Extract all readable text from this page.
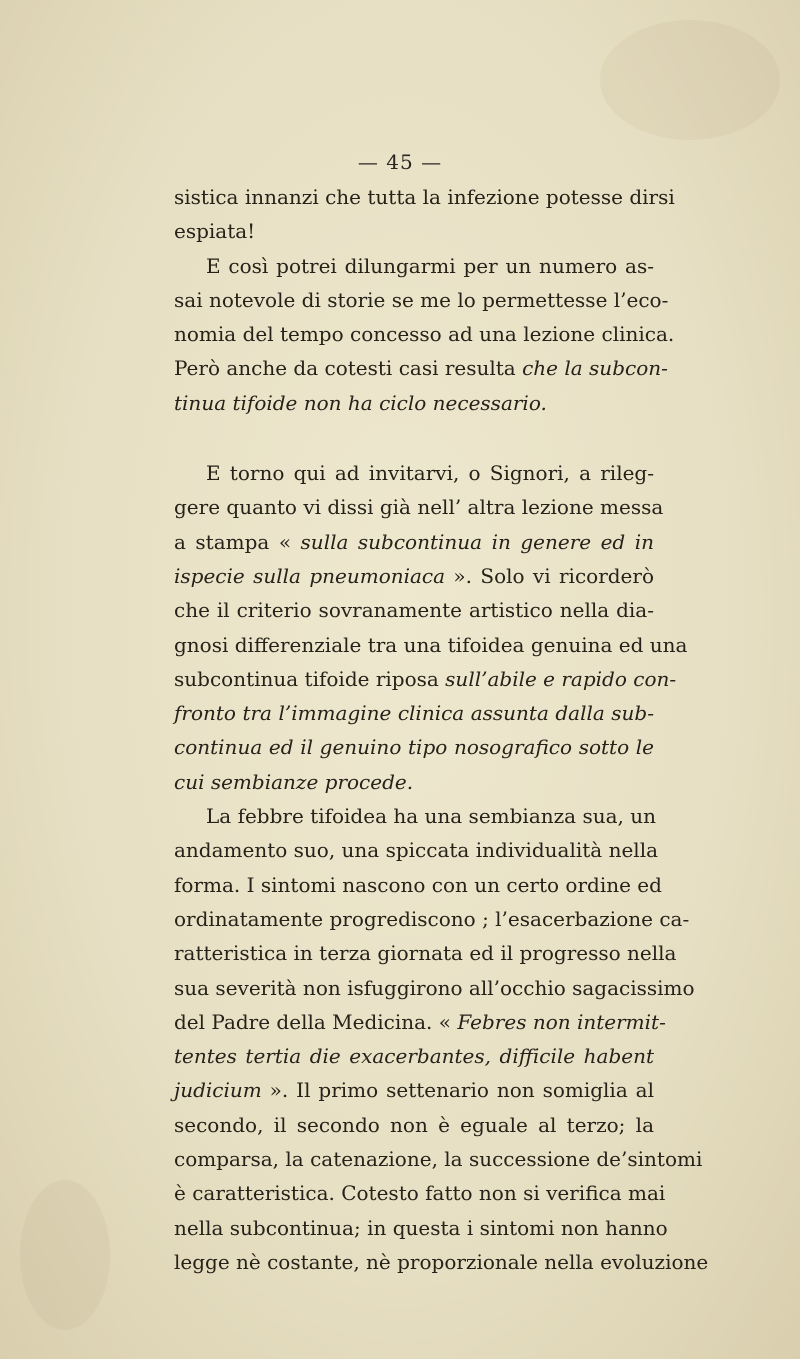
— 45 —
sistica innanzi che tutta la infezione potesse dirsi
espiata!
E così potrei dilungarmi per un numero as-
sai notevole di storie se me lo permettesse l’eco-
nomia del tempo concesso ad una lezione clinica.
Però anche da cotesti casi resulta che la subcon-
tinua tifoide non ha ciclo necessario.
E torno qui ad invitarvi, o Signori, a rileg-
gere quanto vi dissi già nell’ altra lezione messa
a stampa « sulla subcontinua in genere ed in
ispecie sulla pneumoniaca ». Solo vi ricorderò
che il criterio sovranamente artistico nella dia-
gnosi differenziale tra una tifoidea genuina ed una
subcontinua tifoide riposa sull’abile e rapido con-
fronto tra l’immagine clinica assunta dalla sub-
continua ed il genuino tipo nosografico sotto le
cui sembianze procede.
La febbre tifoidea ha una sembianza sua, un
andamento suo, una spiccata individualità nella
forma. I sintomi nascono con un certo ordine ed
ordinatamente progrediscono ; l’esacerbazione ca-
ratteristica in terza giornata ed il progresso nella
sua severità non isfuggirono all’occhio sagacissimo
del Padre della Medicina. « Febres non intermit-
tentes tertia die exacerbantes, difficile habent
judicium ». Il primo settenario non somiglia al
secondo, il secondo non è eguale al terzo; la
comparsa, la catenazione, la successione de’sintomi
è caratteristica. Cotesto fatto non si verifica mai
nella subcontinua; in questa i sintomi non hanno
legge nè costante, nè proporzionale nella evoluzione
